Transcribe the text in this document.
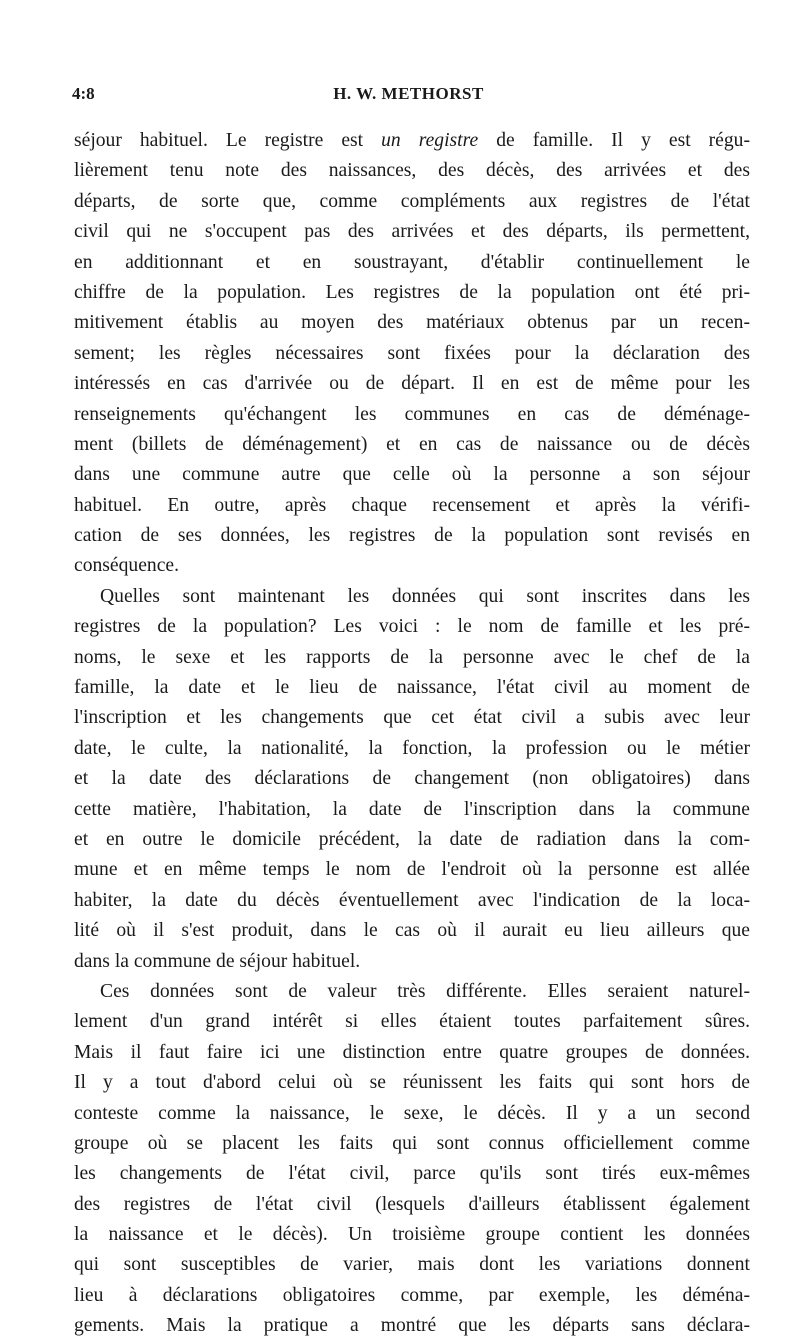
4:8	H. W. METHORST
séjour habituel. Le registre est un registre de famille. Il y est régu-
lièrement tenu note des naissances, des décès, des arrivées et des
départs, de sorte que, comme compléments aux registres de l'état
civil qui ne s'occupent pas des arrivées et des départs, ils permettent,
en additionnant et en soustrayant, d'établir continuellement le
chiffre de la population. Les registres de la population ont été pri-
mitivement établis au moyen des matériaux obtenus par un recen-
sement; les règles nécessaires sont fixées pour la déclaration des
intéressés en cas d'arrivée ou de départ. Il en est de même pour les
renseignements qu'échangent les communes en cas de déménage-
ment (billets de déménagement) et en cas de naissance ou de décès
dans une commune autre que celle où la personne a son séjour
habituel. En outre, après chaque recensement et après la vérifi-
cation de ses données, les registres de la population sont revisés en
conséquence.
Quelles sont maintenant les données qui sont inscrites dans les
registres de la population? Les voici : le nom de famille et les pré-
noms, le sexe et les rapports de la personne avec le chef de la
famille, la date et le lieu de naissance, l'état civil au moment de
l'inscription et les changements que cet état civil a subis avec leur
date, le culte, la nationalité, la fonction, la profession ou le métier
et la date des déclarations de changement (non obligatoires) dans
cette matière, l'habitation, la date de l'inscription dans la commune
et en outre le domicile précédent, la date de radiation dans la com-
mune et en même temps le nom de l'endroit où la personne est allée
habiter, la date du décès éventuellement avec l'indication de la loca-
lité où il s'est produit, dans le cas où il aurait eu lieu ailleurs que
dans la commune de séjour habituel.
Ces données sont de valeur très différente. Elles seraient naturel-
lement d'un grand intérêt si elles étaient toutes parfaitement sûres.
Mais il faut faire ici une distinction entre quatre groupes de données.
Il y a tout d'abord celui où se réunissent les faits qui sont hors de
conteste comme la naissance, le sexe, le décès. Il y a un second
groupe où se placent les faits qui sont connus officiellement comme
les changements de l'état civil, parce qu'ils sont tirés eux-mêmes
des registres de l'état civil (lesquels d'ailleurs établissent également
la naissance et le décès). Un troisième groupe contient les données
qui sont susceptibles de varier, mais dont les variations donnent
lieu à déclarations obligatoires comme, par exemple, les déména-
gements. Mais la pratique a montré que les départs sans déclara-
